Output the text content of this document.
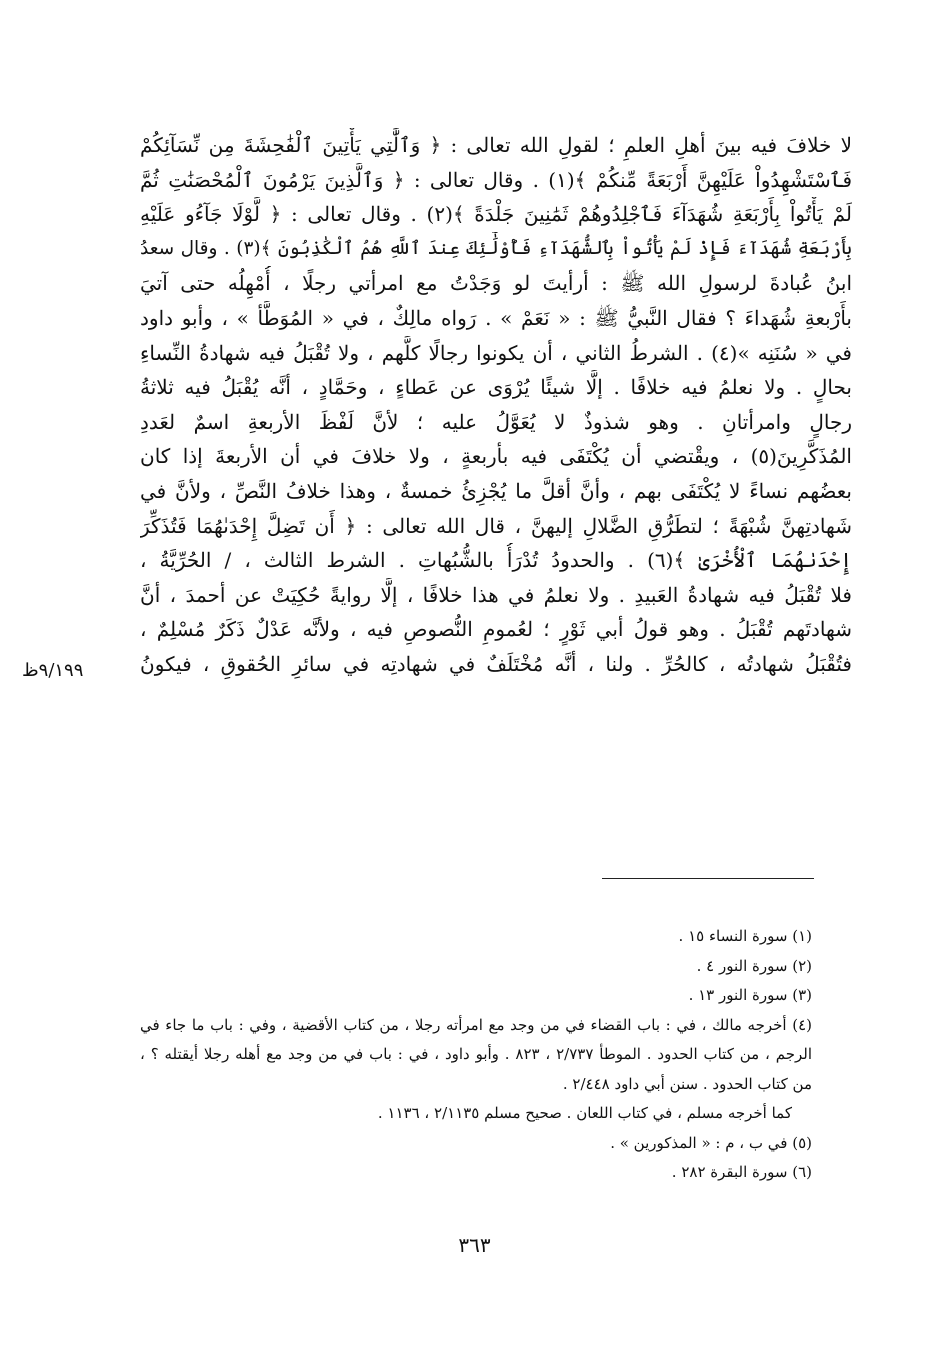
لا خلافَ فيه بينَ أهلِ العلمِ ؛ لقولِ الله تعالى : ﴿ وَٱلَّٰتِي يَأْتِينَ ٱلْفَٰحِشَةَ مِن نِّسَآئِكُمْ
فَٱسْتَشْهِدُواْ عَلَيْهِنَّ أَرْبَعَةً مِّنكُمْ ﴾(١) . وقال تعالى : ﴿ وَٱلَّذِينَ يَرْمُونَ ٱلْمُحْصَنَٰتِ ثُمَّ
لَمْ يَأْتُواْ بِأَرْبَعَةِ شُهَدَآءَ فَٱجْلِدُوهُمْ ثَمَٰنِينَ جَلْدَةً ﴾(٢) . وقال تعالى : ﴿ لَّوْلَا جَآءُو عَلَيْهِ
بِأَرْبَعَةِ شُهَدَآءَ فَإِذْ لَمْ يَأْتُواْ بِٱلشُّهَدَآءِ فَأُوْلَٰٓئِكَ عِندَ ٱللَّهِ هُمُ ٱلْكَٰذِبُونَ ﴾(٣) . وقال سعدُ
ابنُ عُبادةَ لرسولِ الله ﷺ : أرأيتَ لو وَجَدْتُ مع امرأتي رجلًا ، أُمْهِلُه حتى آتيَ
بأَرْبعةِ شُهَداءَ ؟ فقال النَّبيُّ ﷺ : « نَعَمْ » . رَواه مالِكٌ ، في « المُوَطَّأ » ، وأبو داود
في « سُنَنِه »(٤) . الشرطُ الثاني ، أن يكونوا رجالًا كلَّهم ، ولا تُقْبَلُ فيه شهادةُ النِّساءِ
بحالٍ . ولا نعلمُ فيه خلافًا . إلَّا شيئًا يُرْوَى عن عَطاءٍ ، وحَمَّادٍ ، أنَّه يُقْبَلُ فيه ثلاثةُ
رجالٍ وامرأتانِ . وهو شذوذٌ لا يُعَوَّلُ عليه ؛ لأنَّ لَفْظَ الأربعةِ اسمٌ لعَددِ
المُذَكَّرِينَ(٥) ، ويقْتضي أن يُكْتَفَى فيه بأربعةٍ ، ولا خلافَ في أن الأربعةَ إذا كان
بعضُهم نساءً لا يُكْتَفَى بهم ، وأنَّ أقلَّ ما يُجْزِئُ خمسةٌ ، وهذا خلافُ النَّصِّ ، ولأنَّ في
شَهادتِهنَّ شُبْهَةً ؛ لتطَرُّقِ الضَّلالِ إليهنَّ ، قال الله تعالى : ﴿ أَن تَضِلَّ إِحْدَىٰهُمَا فَتُذَكِّرَ
إِحْدَىٰهُمَا ٱلْأُخْرَىٰ ﴾(٦) . والحدودُ تُدْرَأُ بالشُّبُهاتِ . الشرط الثالث ، / الحُرِّيَّةُ ،
فلا تُقْبَلُ فيه شهادةُ العَبيدِ . ولا نعلمُ في هذا خلافًا ، إلَّا روايةً حُكِيَتْ عن أحمدَ ، أنَّ
شهادتَهم تُقْبَلُ . وهو قولُ أبي ثَوْرٍ ؛ لعُمومِ النُّصوصِ فيه ، ولأنَّه عَدْلٌ ذَكَرٌ مُسْلِمٌ ،
فتُقْبَلُ شهادتُه ، كالحُرِّ . ولنا ، أنَّه مُخْتَلَفٌ في شهادتِه في سائرِ الحُقوقِ ، فيكونُ
٩/١٩٩ظ
(١) سورة النساء ١٥ .
(٢) سورة النور ٤ .
(٣) سورة النور ١٣ .
(٤) أخرجه مالك ، في : باب القضاء في من وجد مع امرأته رجلا ، من كتاب الأقضية ، وفي : باب ما جاء في
الرجم ، من كتاب الحدود . الموطأ ٢/٧٣٧ ، ٨٢٣ . وأبو داود ، في : باب في من وجد مع أهله رجلا أيقتله ؟ ،
من كتاب الحدود . سنن أبي داود ٢/٤٤٨ .
كما أخرجه مسلم ، في كتاب اللعان . صحيح مسلم ٢/١١٣٥ ، ١١٣٦ .
(٥) في ب ، م : « المذكورين » .
(٦) سورة البقرة ٢٨٢ .
٣٦٣
